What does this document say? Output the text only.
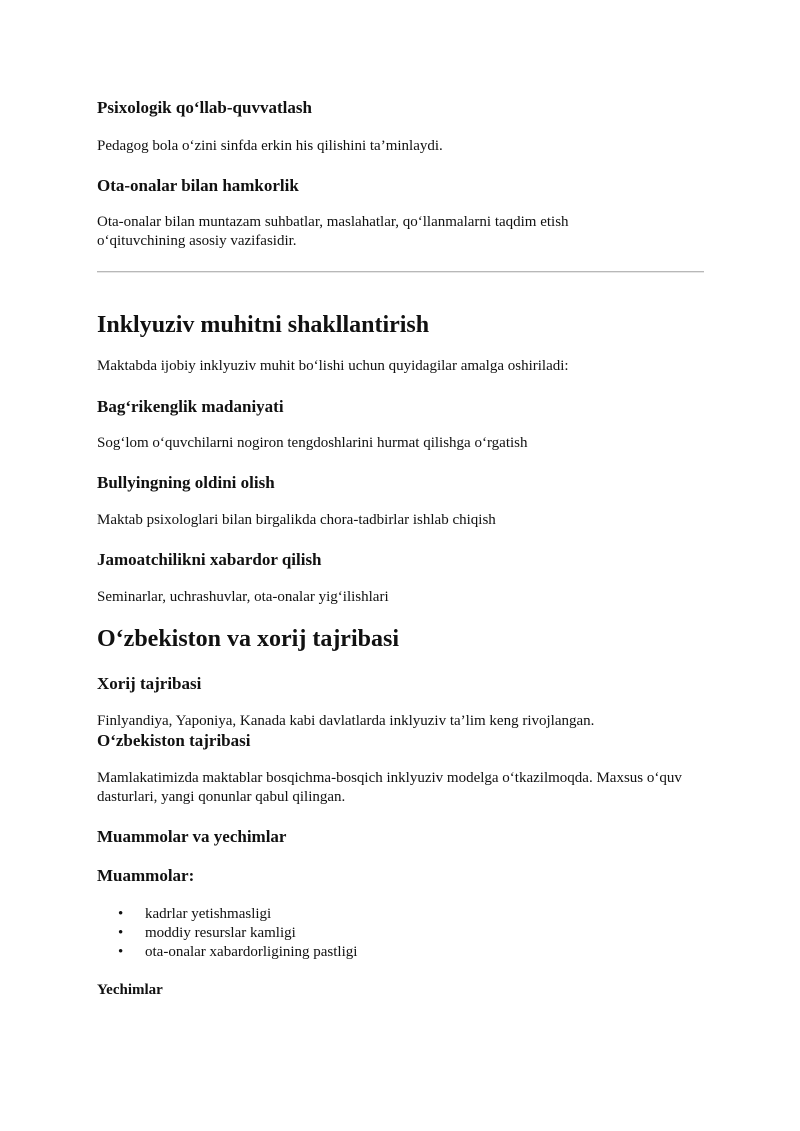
Psixologik qo‘llab-quvvatlash

Pedagog bola o‘zini sinfda erkin his qilishini ta’minlaydi.

Ota-onalar bilan hamkorlik

Ota-onalar bilan muntazam suhbatlar, maslahatlar, qo‘llanmalarni taqdim etish o‘qituvchining asosiy vazifasidir.

Inklyuziv muhitni shakllantirish

Maktabda ijobiy inklyuziv muhit bo‘lishi uchun quyidagilar amalga oshiriladi:

Bag‘rikenglik madaniyati

Sog‘lom o‘quvchilarni nogiron tengdoshlarini hurmat qilishga o‘rgatish

Bullyingning oldini olish

Maktab psixologlari bilan birgalikda chora-tadbirlar ishlab chiqish

Jamoatchilikni xabardor qilish

Seminarlar, uchrashuvlar, ota-onalar yig‘ilishlari

O‘zbekiston va xorij tajribasi
Xorij tajribasi

Finlyandiya, Yaponiya, Kanada kabi davlatlarda inklyuziv ta’lim keng rivojlangan.

O‘zbekiston tajribasi

Mamlakatimizda maktablar bosqichma-bosqich inklyuziv modelga o‘tkazilmoqda. Maxsus o‘quv dasturlari, yangi qonunlar qabul qilingan.

Muammolar va yechimlar
Muammolar:
• kadrlar yetishmasligi
• moddiy resurslar kamligi
• ota-onalar xabardorligining pastligi
Yechimlar
